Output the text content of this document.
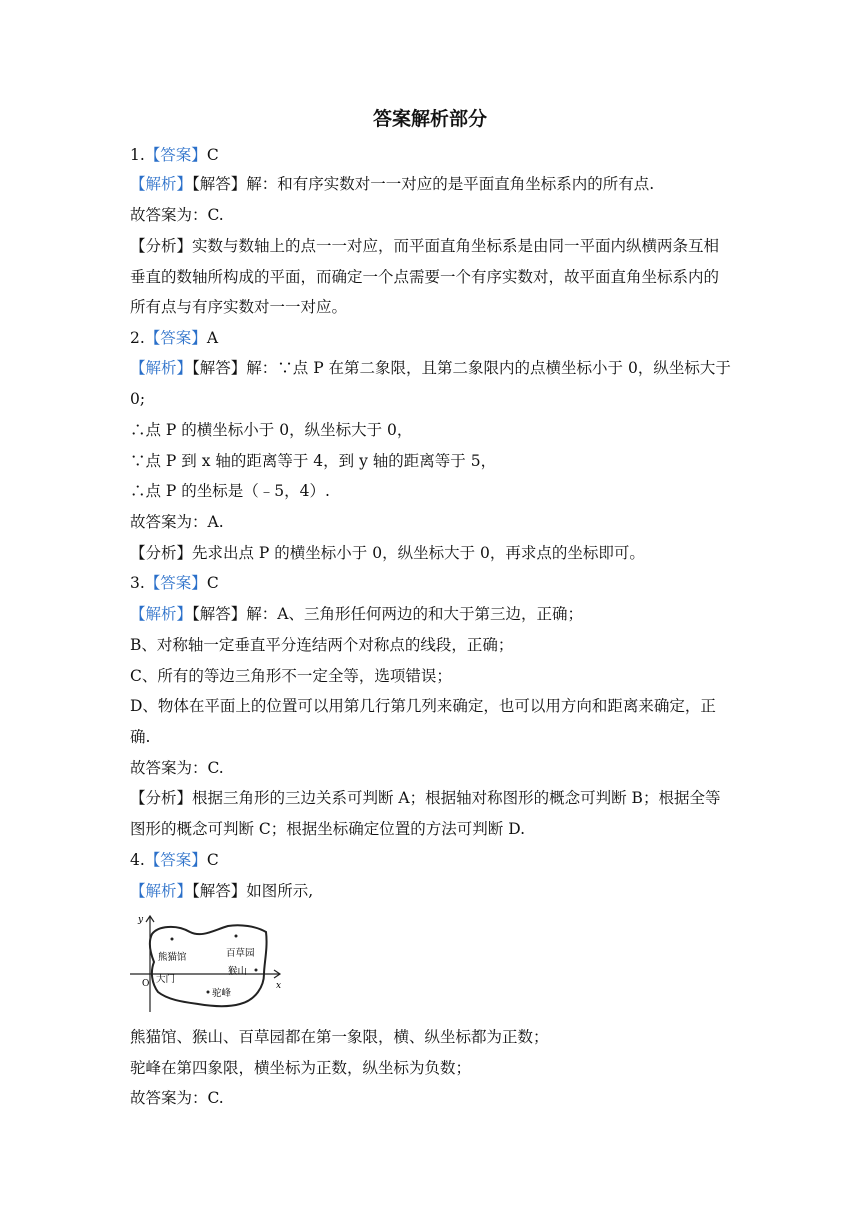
答案解析部分
1.【答案】C
【解析】【解答】解：和有序实数对一一对应的是平面直角坐标系内的所有点.
故答案为：C.
【分析】实数与数轴上的点一一对应，而平面直角坐标系是由同一平面内纵横两条互相
垂直的数轴所构成的平面，而确定一个点需要一个有序实数对，故平面直角坐标系内的
所有点与有序实数对一一对应。
2.【答案】A
【解析】【解答】解：∵点 P 在第二象限，且第二象限内的点横坐标小于 0，纵坐标大于
0;
∴点 P 的横坐标小于 0，纵坐标大于 0，
∵点 P 到 x 轴的距离等于 4，到 y 轴的距离等于 5，
∴点 P 的坐标是（﹣5，4）.
故答案为：A.
【分析】先求出点 P 的横坐标小于 0，纵坐标大于 0，再求点的坐标即可。
3.【答案】C
【解析】【解答】解：A、三角形任何两边的和大于第三边，正确；
B、对称轴一定垂直平分连结两个对称点的线段，正确；
C、所有的等边三角形不一定全等，选项错误；
D、物体在平面上的位置可以用第几行第几列来确定，也可以用方向和距离来确定，正
确.
故答案为：C.
【分析】根据三角形的三边关系可判断 A；根据轴对称图形的概念可判断 B；根据全等
图形的概念可判断 C；根据坐标确定位置的方法可判断 D.
4.【答案】C
【解析】【解答】如图所示,
y
x
O
熊猫馆	百草园
猴山
大门
驼峰
熊猫馆、猴山、百草园都在第一象限，横、纵坐标都为正数；
驼峰在第四象限，横坐标为正数，纵坐标为负数；
故答案为：C.
